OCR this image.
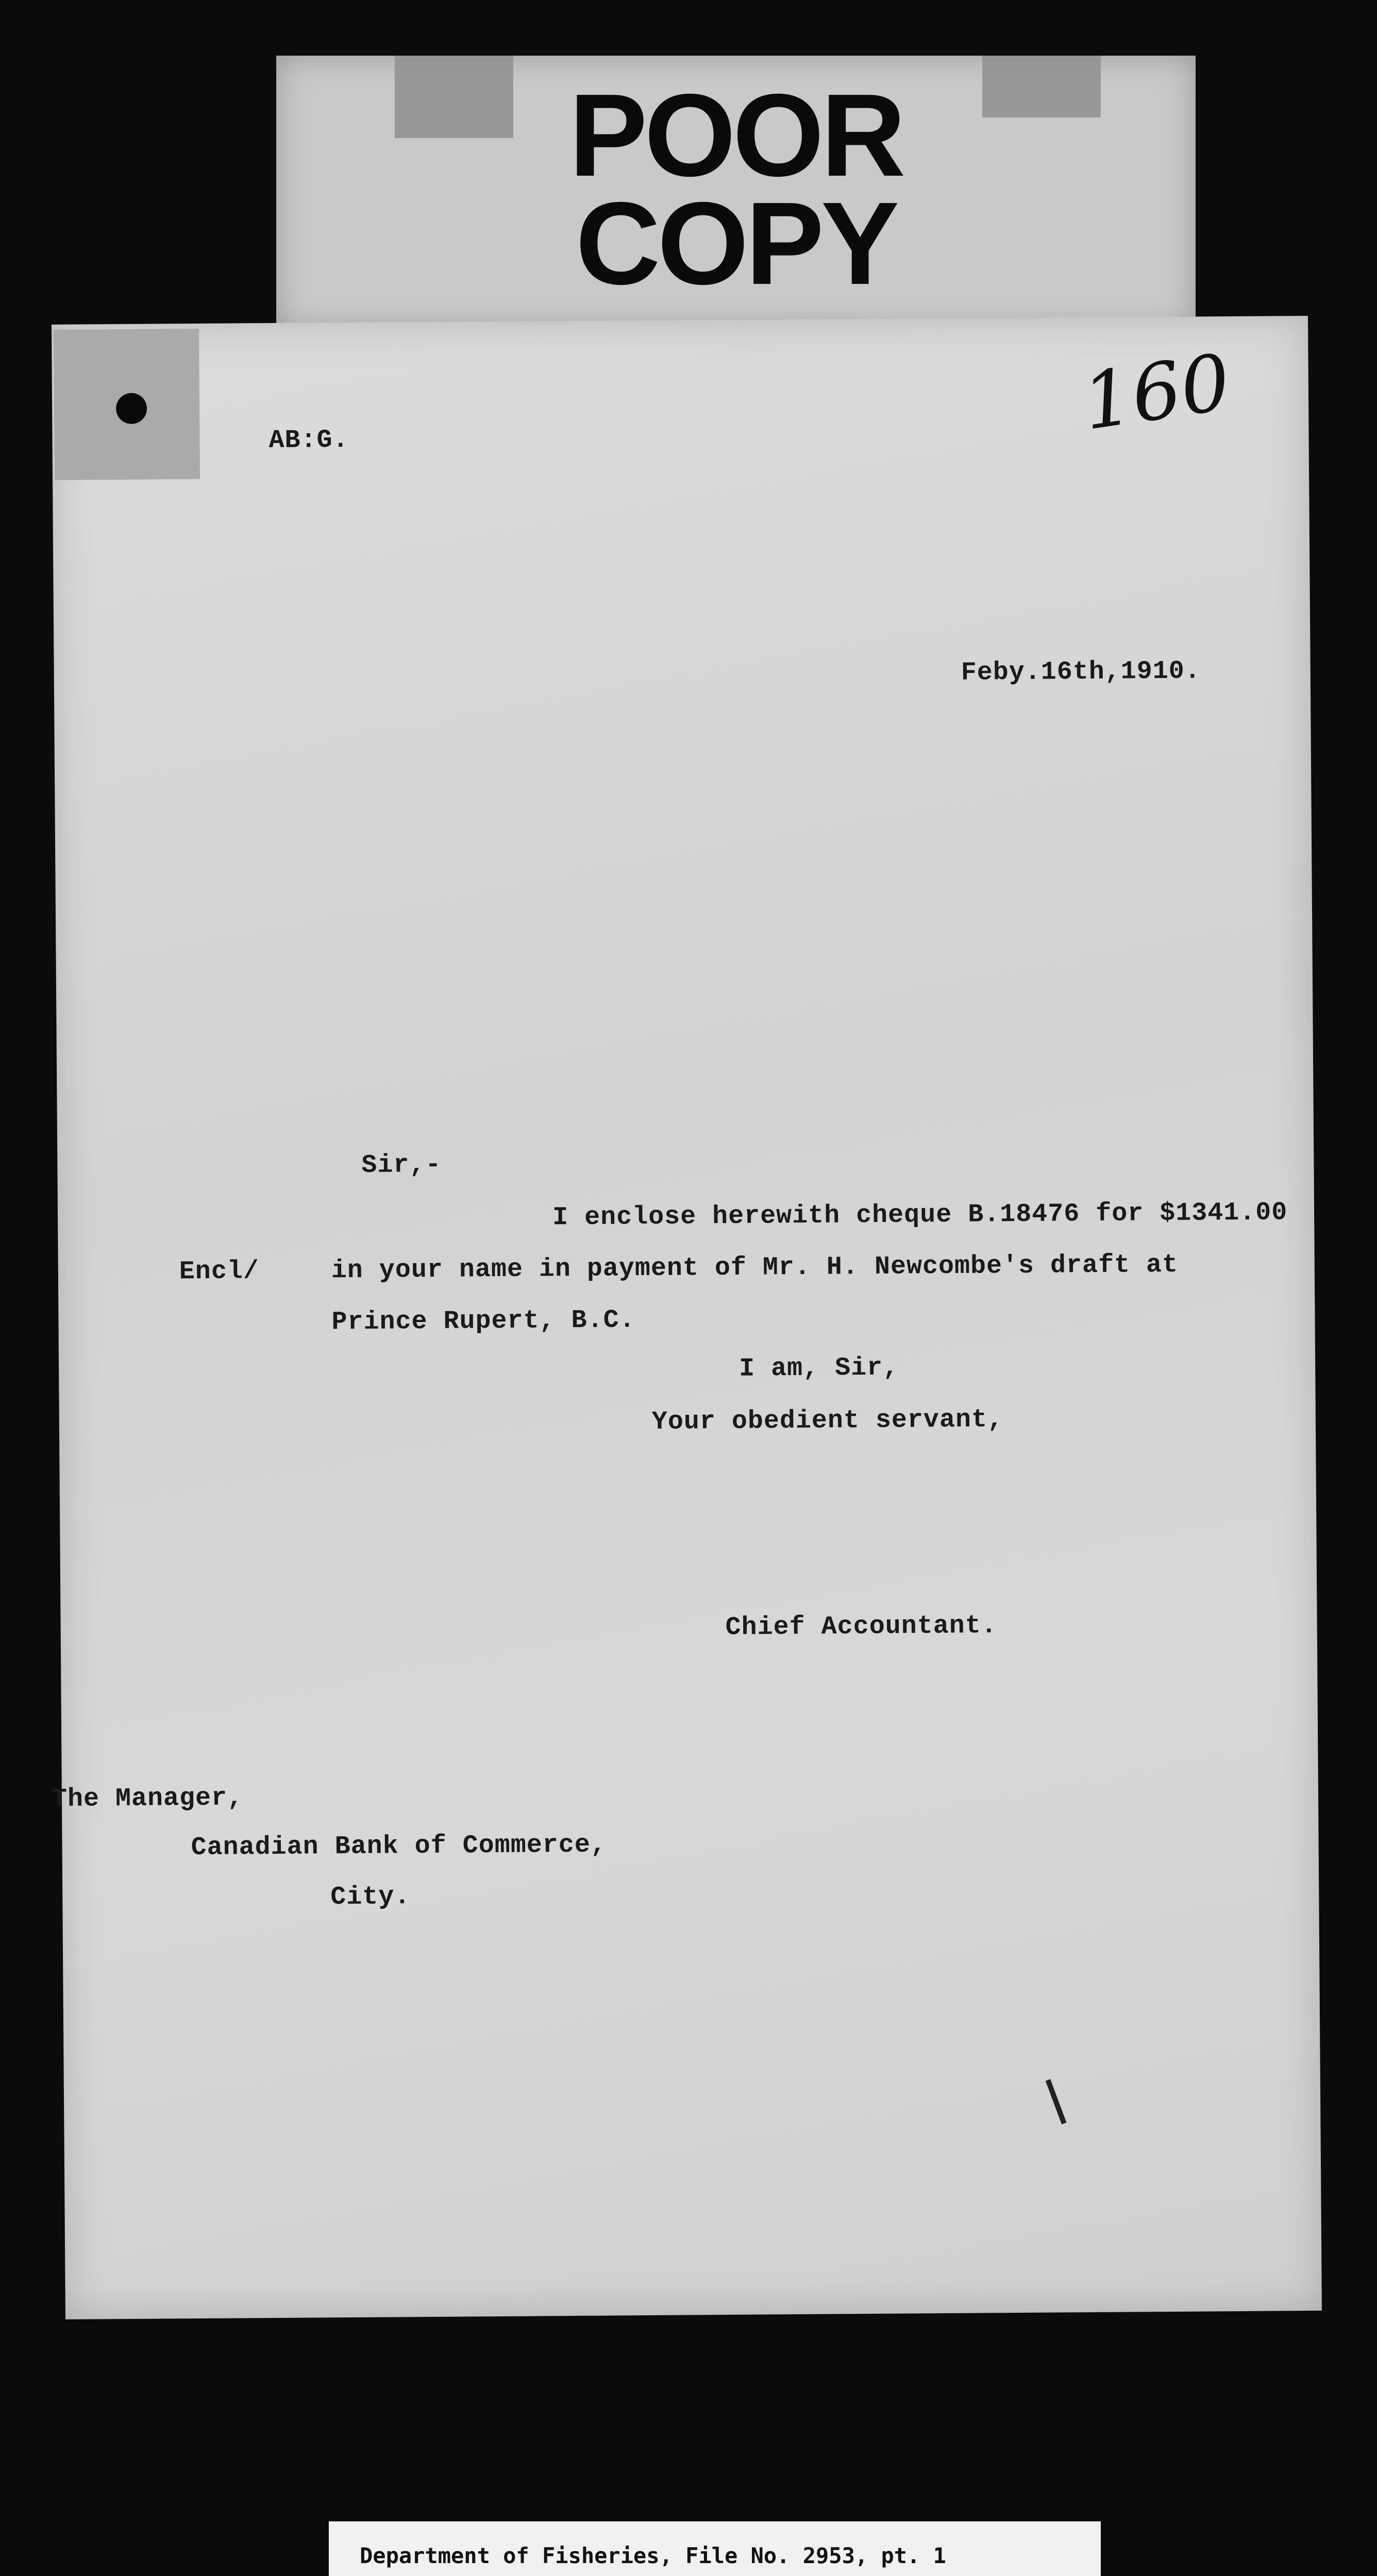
POOR
COPY
AB:G.	160
Feby.16th,1910.
Sir,-
Encl/
I enclose herewith cheque B.18476 for $1341.00
in your name in payment of Mr. H. Newcombe's draft at
Prince Rupert, B.C.
I am, Sir,
Your obedient servant,
Chief Accountant.
The Manager,
Canadian Bank of Commerce,
City.
Department of Fisheries, File No. 2953, pt. 1
